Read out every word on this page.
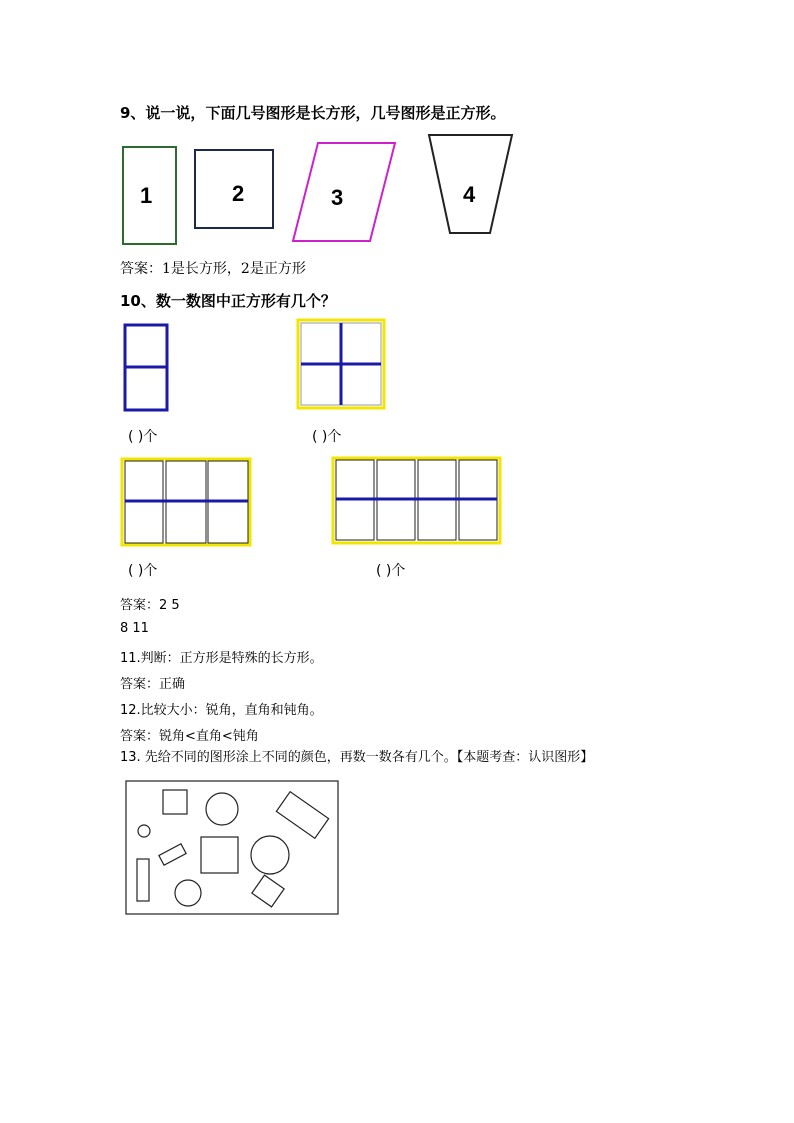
9、说一说，下面几号图形是长方形，几号图形是正方形。
1	2	3	4
答案：1是长方形，2是正方形
10、数一数图中正方形有几个？
( )个	( )个
( )个	( )个
答案：2 5
8 11
11.判断：正方形是特殊的长方形。
答案：正确
12.比较大小：锐角，直角和钝角。
答案：锐角<直角<钝角
13. 先给不同的图形涂上不同的颜色，再数一数各有几个。【本题考查：认识图形】
